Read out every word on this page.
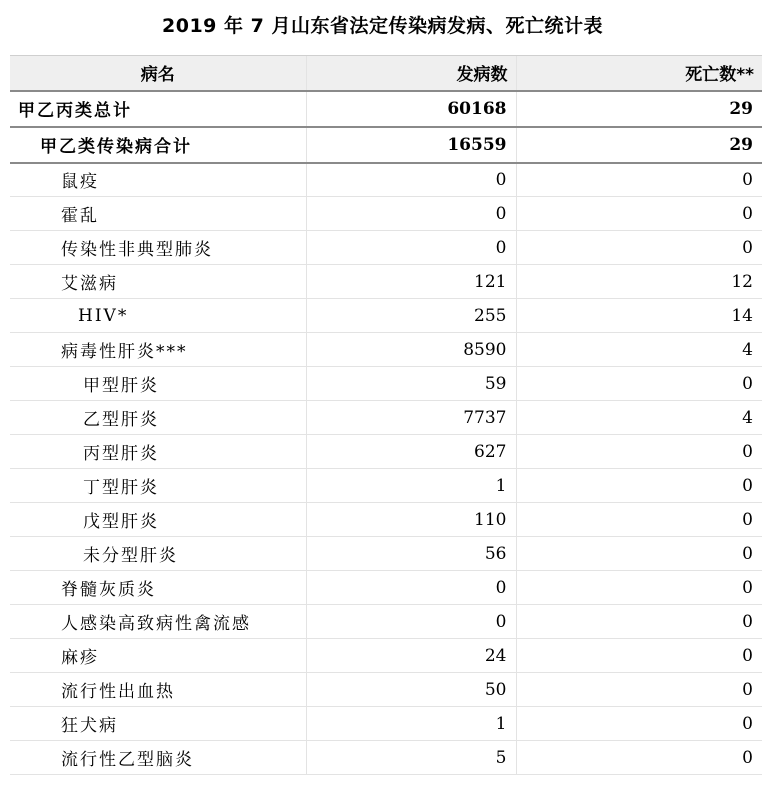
2019 年 7 月山东省法定传染病发病、死亡统计表
病名	发病数	死亡数**
甲乙丙类总计	60168	29
甲乙类传染病合计	16559	29
鼠疫	0	0
霍乱	0	0
传染性非典型肺炎	0	0
艾滋病	121	12
HIV*	255	14
病毒性肝炎***	8590	4
甲型肝炎	59	0
乙型肝炎	7737	4
丙型肝炎	627	0
丁型肝炎	1	0
戊型肝炎	110	0
未分型肝炎	56	0
脊髓灰质炎	0	0
人感染高致病性禽流感	0	0
麻疹	24	0
流行性出血热	50	0
狂犬病	1	0
流行性乙型脑炎	5	0
